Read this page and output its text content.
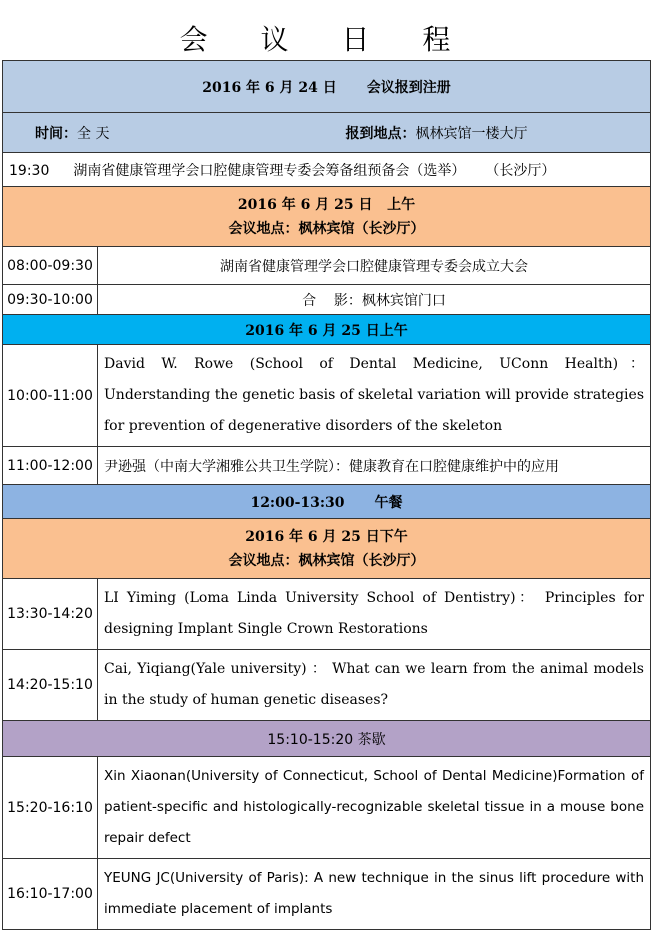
会 议 日 程
2016 年 6 月 24 日 会议报到注册	
时间：全 天 报到地点：枫林宾馆一楼大厅	

19:30 湖南省健康管理学会口腔健康管理专委会筹备组预备会（选举） （长沙厅）	
2016 年 6 月 25 日 上午
会议地点：枫林宾馆（长沙厅）	
08:00-09:30	湖南省健康管理学会口腔健康管理专委会成立大会
09:30-10:00	合    影：枫林宾馆门口
2016 年 6 月 25 日上午	
10:00-11:00	David W. Rowe (School of Dental Medicine, UConn Health)： Understanding the genetic basis of skeletal variation will provide strategies for prevention of degenerative disorders of the skeleton
11:00-12:00	尹逊强（中南大学湘雅公共卫生学院）：健康教育在口腔健康维护中的应用
12:00-13:30 午餐	
2016 年 6 月 25 日下午
会议地点：枫林宾馆（长沙厅）	
13:30-14:20	LI Yiming (Loma Linda University School of Dentistry)： Principles for designing Implant Single Crown Restorations
14:20-15:10	Cai, Yiqiang(Yale university) ： What can we learn from the animal models in the study of human genetic diseases?
15:10-15:20 茶歇	
15:20-16:10	Xin Xiaonan(University of Connecticut, School of Dental Medicine)Formation of patient-specific and histologically-recognizable skeletal tissue in a mouse bone repair defect
16:10-17:00	YEUNG JC(University of Paris): A new technique in the sinus lift procedure with immediate placement of implants
